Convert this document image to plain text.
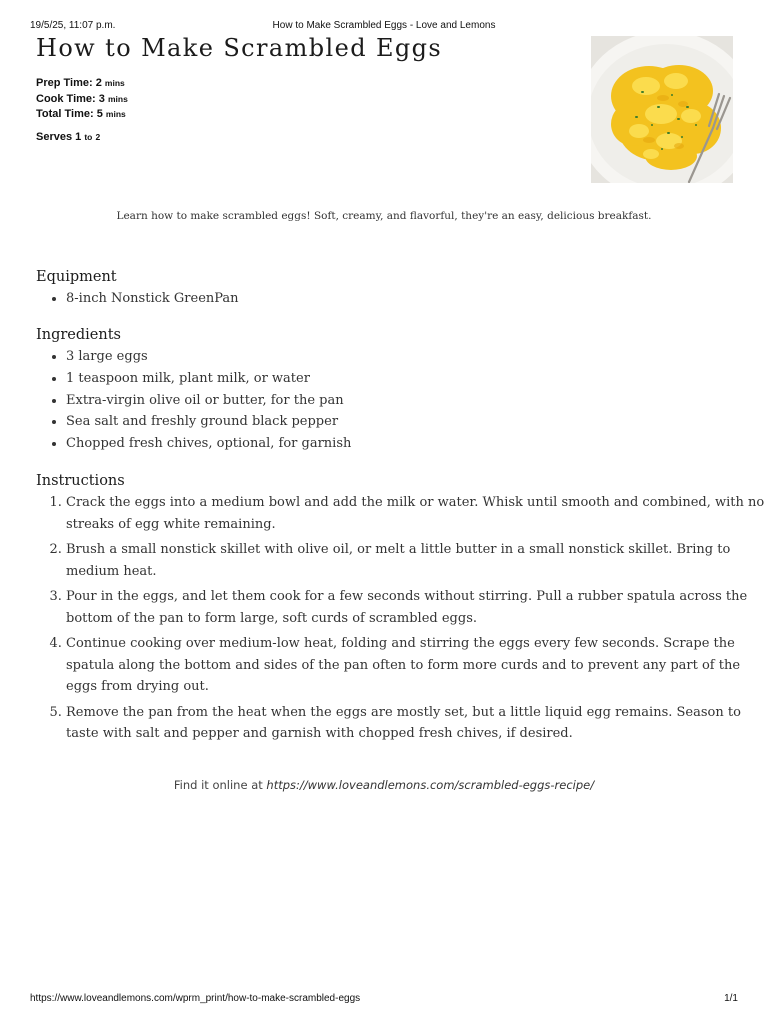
19/5/25, 11:07 p.m.	How to Make Scrambled Eggs - Love and Lemons
How to Make Scrambled Eggs
Prep Time: 2 mins
Cook Time: 3 mins
Total Time: 5 mins
Serves 1 to 2
Learn how to make scrambled eggs! Soft, creamy, and flavorful, they're an easy, delicious breakfast.
Equipment
• 8-inch Nonstick GreenPan
Ingredients
• 3 large eggs
• 1 teaspoon milk, plant milk, or water
• Extra-virgin olive oil or butter, for the pan
• Sea salt and freshly ground black pepper
• Chopped fresh chives, optional, for garnish
Instructions
1. Crack the eggs into a medium bowl and add the milk or water. Whisk until smooth and combined, with no streaks of egg white remaining.
2. Brush a small nonstick skillet with olive oil, or melt a little butter in a small nonstick skillet. Bring to medium heat.
3. Pour in the eggs, and let them cook for a few seconds without stirring. Pull a rubber spatula across the bottom of the pan to form large, soft curds of scrambled eggs.
4. Continue cooking over medium-low heat, folding and stirring the eggs every few seconds. Scrape the spatula along the bottom and sides of the pan often to form more curds and to prevent any part of the eggs from drying out.
5. Remove the pan from the heat when the eggs are mostly set, but a little liquid egg remains. Season to taste with salt and pepper and garnish with chopped fresh chives, if desired.
Find it online at https://www.loveandlemons.com/scrambled-eggs-recipe/
https://www.loveandlemons.com/wprm_print/how-to-make-scrambled-eggs	1/1
